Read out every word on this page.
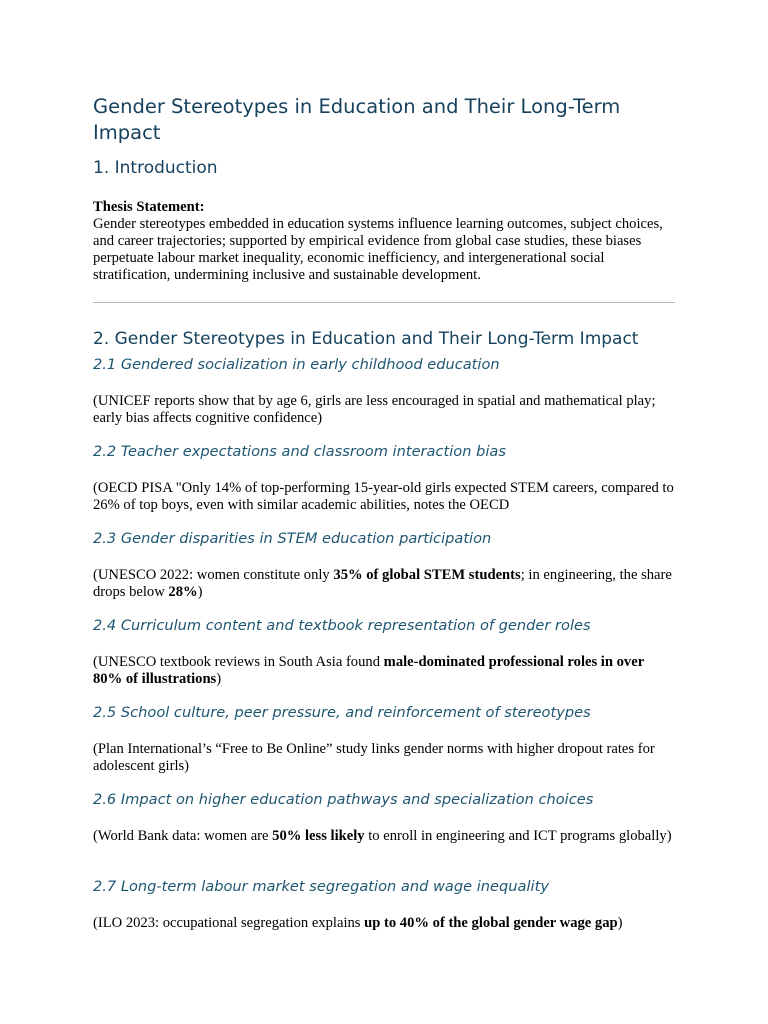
Gender Stereotypes in Education and Their Long-Term Impact
1. Introduction

Thesis Statement:
Gender stereotypes embedded in education systems influence learning outcomes, subject choices, and career trajectories; supported by empirical evidence from global case studies, these biases perpetuate labour market inequality, economic inefficiency, and intergenerational social stratification, undermining inclusive and sustainable development.

2. Gender Stereotypes in Education and Their Long-Term Impact
2.1 Gendered socialization in early childhood education

(UNICEF reports show that by age 6, girls are less encouraged in spatial and mathematical play; early bias affects cognitive confidence)

2.2 Teacher expectations and classroom interaction bias

(OECD PISA "Only 14% of top-performing 15-year-old girls expected STEM careers, compared to 26% of top boys, even with similar academic abilities, notes the OECD

2.3 Gender disparities in STEM education participation

(UNESCO 2022: women constitute only 35% of global STEM students; in engineering, the share drops below 28%)

2.4 Curriculum content and textbook representation of gender roles

(UNESCO textbook reviews in South Asia found male-dominated professional roles in over 80% of illustrations)

2.5 School culture, peer pressure, and reinforcement of stereotypes

(Plan International’s “Free to Be Online” study links gender norms with higher dropout rates for adolescent girls)

2.6 Impact on higher education pathways and specialization choices

(World Bank data: women are 50% less likely to enroll in engineering and ICT programs globally)

2.7 Long-term labour market segregation and wage inequality

(ILO 2023: occupational segregation explains up to 40% of the global gender wage gap)
